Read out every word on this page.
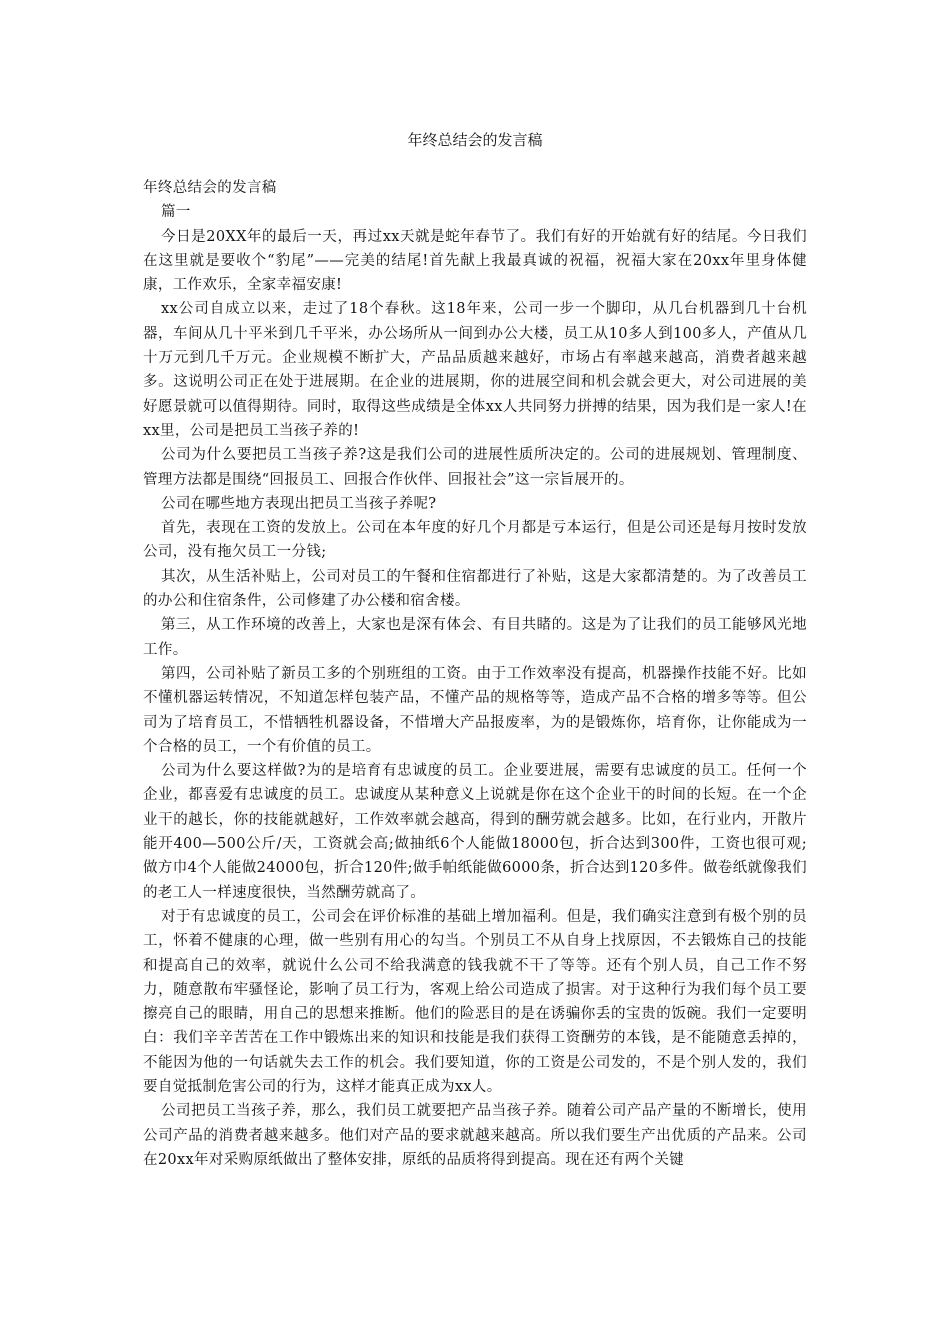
年终总结会的发言稿

年终总结会的发言稿

篇一

今日是20XX年的最后一天，再过xx天就是蛇年春节了。我们有好的开始就有好的结尾。今日我们在这里就是要收个“豹尾”——完美的结尾!首先献上我最真诚的祝福，祝福大家在20xx年里身体健康，工作欢乐，全家幸福安康!

xx公司自成立以来，走过了18个春秋。这18年来，公司一步一个脚印，从几台机器到几十台机器，车间从几十平米到几千平米，办公场所从一间到办公大楼，员工从10多人到100多人，产值从几十万元到几千万元。企业规模不断扩大，产品品质越来越好，市场占有率越来越高，消费者越来越多。这说明公司正在处于进展期。在企业的进展期，你的进展空间和机会就会更大，对公司进展的美好愿景就可以值得期待。同时，取得这些成绩是全体xx人共同努力拼搏的结果，因为我们是一家人!在xx里，公司是把员工当孩子养的!

公司为什么要把员工当孩子养?这是我们公司的进展性质所决定的。公司的进展规划、管理制度、管理方法都是围绕“回报员工、回报合作伙伴、回报社会”这一宗旨展开的。

公司在哪些地方表现出把员工当孩子养呢?

首先，表现在工资的发放上。公司在本年度的好几个月都是亏本运行，但是公司还是每月按时发放公司，没有拖欠员工一分钱;

其次，从生活补贴上，公司对员工的午餐和住宿都进行了补贴，这是大家都清楚的。为了改善员工的办公和住宿条件，公司修建了办公楼和宿舍楼。

第三，从工作环境的改善上，大家也是深有体会、有目共睹的。这是为了让我们的员工能够风光地工作。

第四，公司补贴了新员工多的个别班组的工资。由于工作效率没有提高，机器操作技能不好。比如不懂机器运转情况，不知道怎样包装产品，不懂产品的规格等等，造成产品不合格的增多等等。但公司为了培育员工，不惜牺牲机器设备，不惜增大产品报废率，为的是锻炼你，培育你，让你能成为一个合格的员工，一个有价值的员工。

公司为什么要这样做?为的是培育有忠诚度的员工。企业要进展，需要有忠诚度的员工。任何一个企业，都喜爱有忠诚度的员工。忠诚度从某种意义上说就是你在这个企业干的时间的长短。在一个企业干的越长，你的技能就越好，工作效率就会越高，得到的酬劳就会越多。比如，在行业内，开散片能开400—500公斤/天，工资就会高;做抽纸6个人能做18000包，折合达到300件，工资也很可观;做方巾4个人能做24000包，折合120件;做手帕纸能做6000条，折合达到120多件。做卷纸就像我们的老工人一样速度很快，当然酬劳就高了。

对于有忠诚度的员工，公司会在评价标准的基础上增加福利。但是，我们确实注意到有极个别的员工，怀着不健康的心理，做一些别有用心的勾当。个别员工不从自身上找原因，不去锻炼自己的技能和提高自己的效率，就说什么公司不给我满意的钱我就不干了等等。还有个别人员，自己工作不努力，随意散布牢骚怪论，影响了员工行为，客观上给公司造成了损害。对于这种行为我们每个员工要擦亮自己的眼睛，用自己的思想来推断。他们的险恶目的是在诱骗你丢的宝贵的饭碗。我们一定要明白：我们辛辛苦苦在工作中锻炼出来的知识和技能是我们获得工资酬劳的本钱，是不能随意丢掉的，不能因为他的一句话就失去工作的机会。我们要知道，你的工资是公司发的，不是个别人发的，我们要自觉抵制危害公司的行为，这样才能真正成为xx人。

公司把员工当孩子养，那么，我们员工就要把产品当孩子养。随着公司产品产量的不断增长，使用公司产品的消费者越来越多。他们对产品的要求就越来越高。所以我们要生产出优质的产品来。公司在20xx年对采购原纸做出了整体安排，原纸的品质将得到提高。现在还有两个关键
